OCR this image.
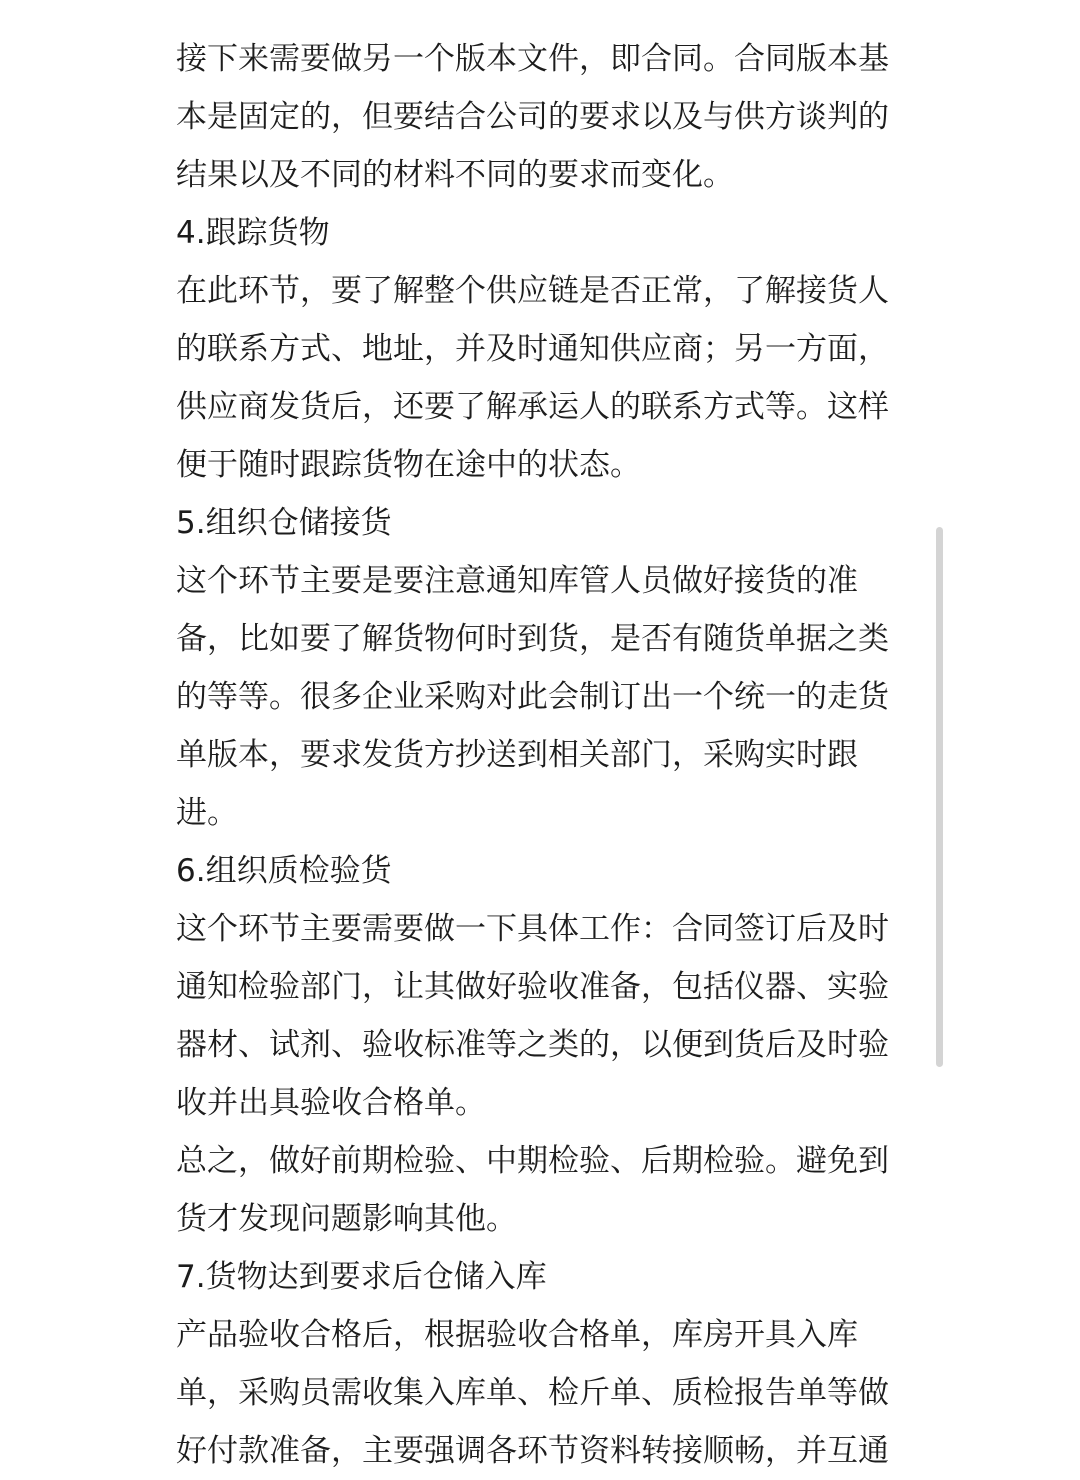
接下来需要做另一个版本文件，即合同。合同版本基
本是固定的，但要结合公司的要求以及与供方谈判的
结果以及不同的材料不同的要求而变化。
4.跟踪货物
在此环节，要了解整个供应链是否正常，了解接货人
的联系方式、地址，并及时通知供应商；另一方面，
供应商发货后，还要了解承运人的联系方式等。这样
便于随时跟踪货物在途中的状态。
5.组织仓储接货
这个环节主要是要注意通知库管人员做好接货的准
备，比如要了解货物何时到货，是否有随货单据之类
的等等。很多企业采购对此会制订出一个统一的走货
单版本，要求发货方抄送到相关部门，采购实时跟
进。
6.组织质检验货
这个环节主要需要做一下具体工作：合同签订后及时
通知检验部门，让其做好验收准备，包括仪器、实验
器材、试剂、验收标准等之类的，以便到货后及时验
收并出具验收合格单。
总之，做好前期检验、中期检验、后期检验。避免到
货才发现问题影响其他。
7.货物达到要求后仓储入库
产品验收合格后，根据验收合格单，库房开具入库
单，采购员需收集入库单、检斤单、质检报告单等做
好付款准备，主要强调各环节资料转接顺畅，并互通
